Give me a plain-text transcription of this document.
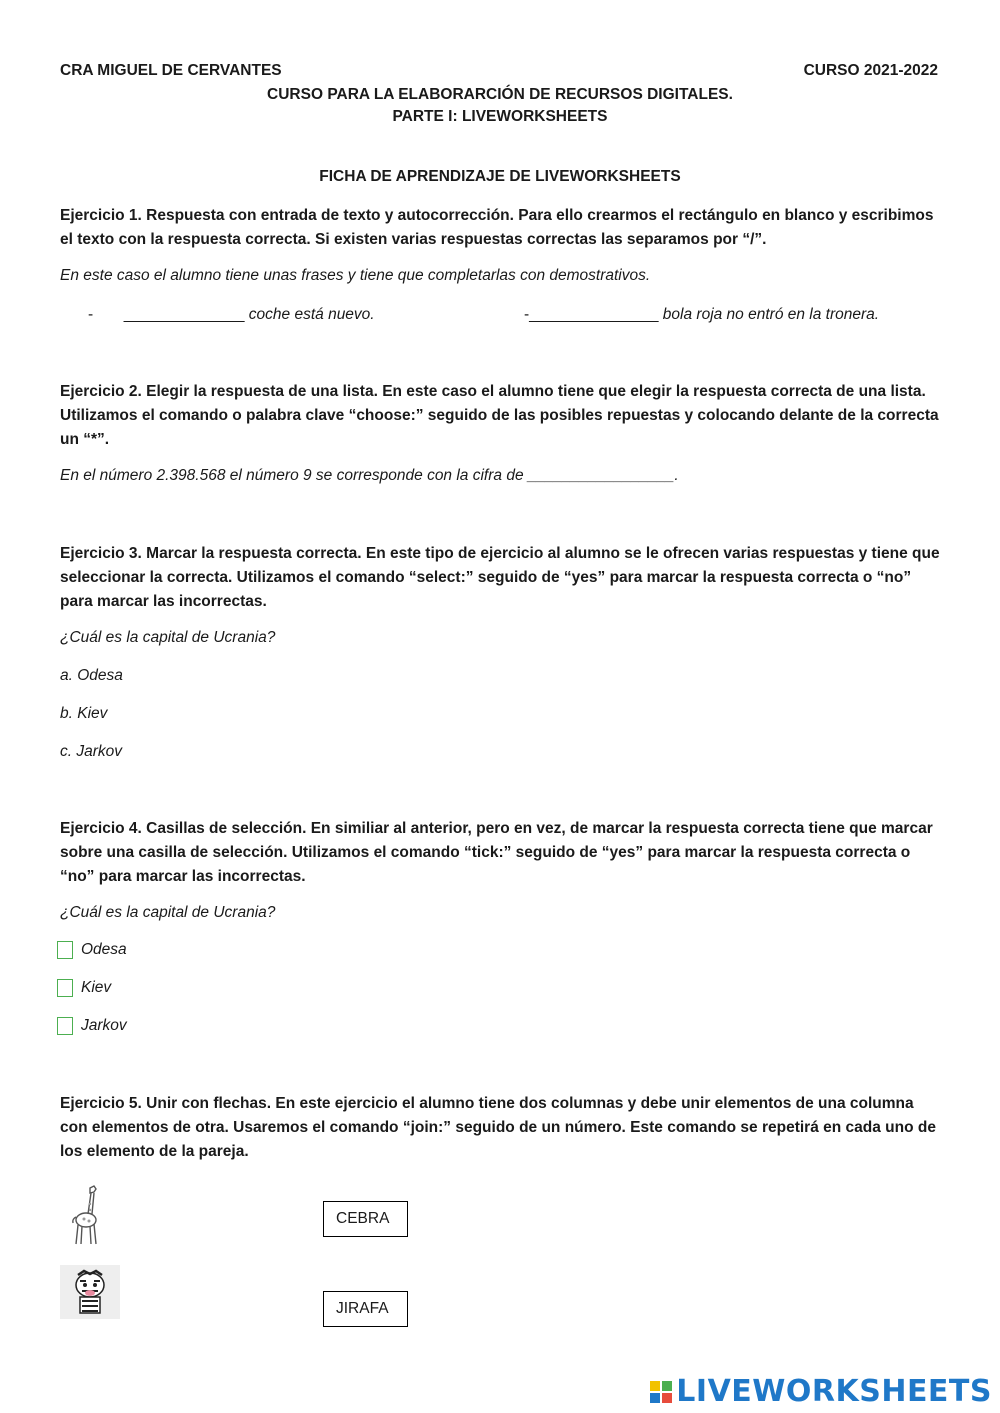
CRA MIGUEL DE CERVANTES	CURSO 2021-2022
CURSO PARA LA ELABORARCIÓN DE RECURSOS DIGITALES.
PARTE I: LIVEWORKSHEETS
FICHA DE APRENDIZAJE DE LIVEWORKSHEETS
Ejercicio 1. Respuesta con entrada de texto y autocorrección. Para ello crearmos el rectángulo en blanco y escribimos el texto con la respuesta correcta. Si existen varias respuestas correctas las separamos por “/”.
En este caso el alumno tiene unas frases y tiene que completarlas con demostrativos.
- ______________ coche está nuevo.	-_______________ bola roja no entró en la tronera.
Ejercicio 2. Elegir la respuesta de una lista. En este caso el alumno tiene que elegir la respuesta correcta de una lista. Utilizamos el comando o palabra clave “choose:” seguido de las posibles repuestas y colocando delante de la correcta un “*”.
En el número 2.398.568 el número 9 se corresponde con la cifra de _________________.
Ejercicio 3. Marcar la respuesta correcta. En este tipo de ejercicio al alumno se le ofrecen varias respuestas y tiene que seleccionar la correcta. Utilizamos el comando “select:” seguido de “yes” para marcar la respuesta correcta o “no” para marcar las incorrectas.
¿Cuál es la capital de Ucrania?
a. Odesa
b. Kiev
c. Jarkov
Ejercicio 4. Casillas de selección. En similiar al anterior, pero en vez, de marcar la respuesta correcta tiene que marcar sobre una casilla de selección. Utilizamos el comando “tick:” seguido de “yes” para marcar la respuesta correcta o “no” para marcar las incorrectas.
¿Cuál es la capital de Ucrania?
Odesa
Kiev
Jarkov
Ejercicio 5. Unir con flechas. En este ejercicio el alumno tiene dos columnas y debe unir elementos de una columna con elementos de otra. Usaremos el comando “join:” seguido de un número. Este comando se repetirá en cada uno de los elemento de la pareja.
CEBRA
JIRAFA
LIVEWORKSHEETS
